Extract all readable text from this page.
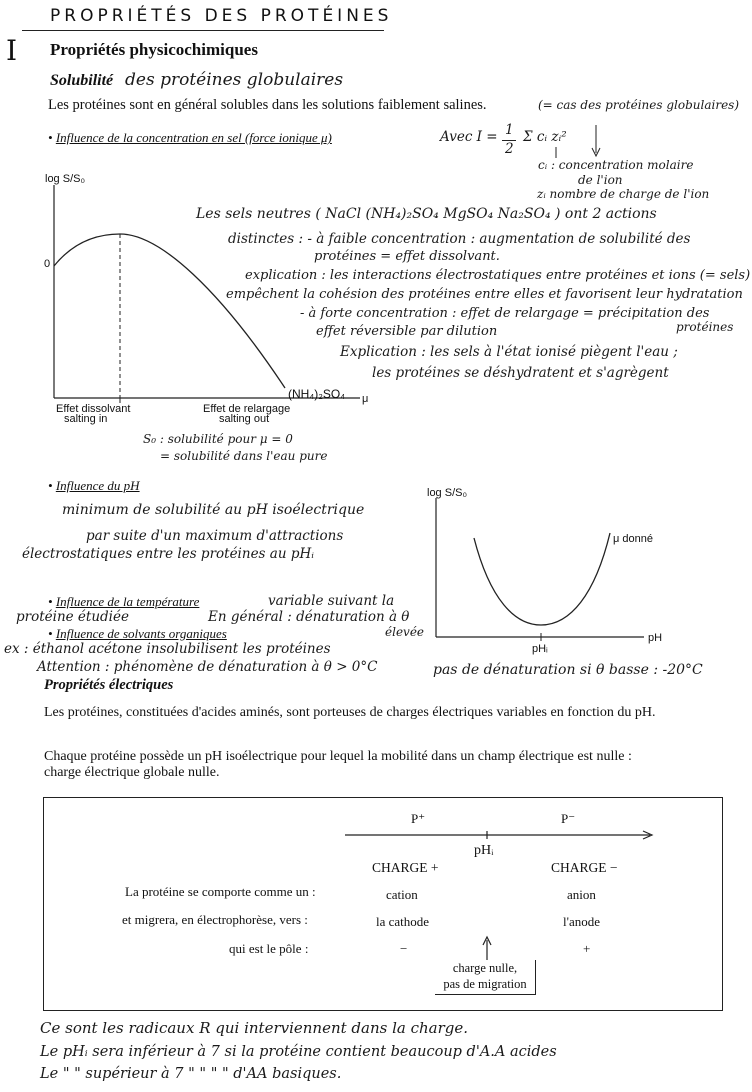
PROPRIÉTÉS DES PROTÉINES
I Propriétés physicochimiques
Solubilité des protéines globulaires
Les protéines sont en général solubles dans les solutions faiblement salines.	(= cas des protéines globulaires)
• Influence de la concentration en sel (force ionique μ)	Avec I = 1
2
Σ cᵢ zᵢ²
cᵢ : concentration molaire
de l'ion
zᵢ nombre de charge de l'ion
log S/S₀
0
μ
(NH₄)₂SO₄
Effet dissolvant
salting in
Effet de relargage
salting out
S₀ : solubilité pour μ = 0
= solubilité dans l'eau pure
Les sels neutres ( NaCl (NH₄)₂SO₄ MgSO₄ Na₂SO₄ ) ont 2 actions
distinctes : - à faible concentration : augmentation de solubilité des
protéines = effet dissolvant.
explication : les interactions électrostatiques entre protéines et ions (= sels)
empêchent la cohésion des protéines entre elles et favorisent leur hydratation
- à forte concentration : effet de relargage = précipitation des
effet réversible par dilution	protéines
Explication : les sels à l'état ionisé piègent l'eau ;
les protéines se déshydratent et s'agrègent
• Influence du pH
minimum de solubilité au pH isoélectrique
par suite d'un maximum d'attractions
électrostatiques entre les protéines au pHᵢ
log S/S₀
μ donné
pH
pHᵢ
pas de dénaturation si θ basse : -20°C
• Influence de la température	variable suivant la
protéine étudiée	En général : dénaturation à θ
élevée
• Influence de solvants organiques
ex : éthanol acétone insolubilisent les protéines
Attention : phénomène de dénaturation à θ > 0°C
Propriétés électriques
Les protéines, constituées d'acides aminés, sont porteuses de charges électriques variables en fonction du pH.
Chaque protéine possède un pH isoélectrique pour lequel la mobilité dans un champ électrique est nulle :
charge électrique globale nulle.
P⁺	P⁻
pHᵢ
CHARGE +	CHARGE −
La protéine se comporte comme un :	cation	anion
et migrera, en électrophorèse, vers :	la cathode	l'anode
qui est le pôle :	−	+
charge nulle,
pas de migration
Ce sont les radicaux R qui interviennent dans la charge.
Le pHᵢ sera inférieur à 7 si la protéine contient beaucoup d'A.A acides
Le " " supérieur à 7 " " " " d'AA basiques.
